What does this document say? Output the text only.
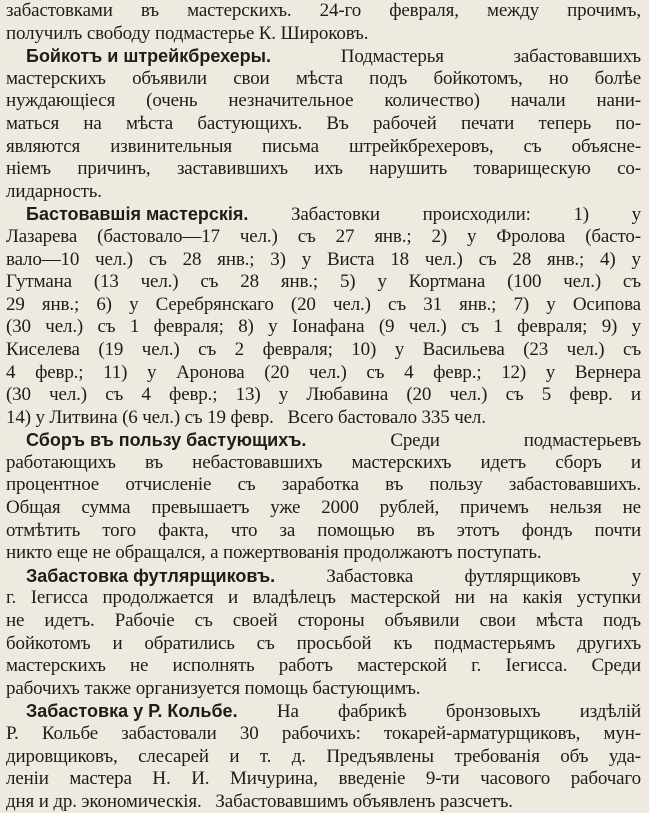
забастовками въ мастерскихъ. 24-го февраля, между прочимъ,
получилъ свободу подмастерье К. Широковъ.
Бойкотъ и штрейкбрехеры.	Подмастерья	забастовавшихъ
мастерскихъ объявили свои мѣста подъ бойкотомъ, но болѣе
нуждающiеся (очень незначительное количество) начали нани-
маться на мѣста бастующихъ. Въ рабочей печати теперь по-
являются извинительныя письма штрейкбрехеровъ, съ объясне-
нiемъ причинъ, заставившихъ ихъ нарушить товарищескую со-
лидарность.
Бастовавшiя мастерскiя. Забастовки происходили: 1) у
Лазарева (бастовало—17 чел.) съ 27 янв.; 2) у Фролова (басто-
вало—10 чел.) съ 28 янв.; 3) у Виста 18 чел.) съ 28 янв.; 4) у
Гутмана (13 чел.) съ 28 янв.; 5) у Кортмана (100 чел.) съ
29 янв.; 6) у Серебрянскаго (20 чел.) съ 31 янв.; 7) у Осипова
(30 чел.) съ 1 февраля; 8) у Iонафана (9 чел.) съ 1 февраля; 9) у
Киселева (19 чел.) съ 2 февраля; 10) у Васильева (23 чел.) съ
4 февр.; 11) у Аронова (20 чел.) съ 4 февр.; 12) у Вернера
(30 чел.) съ 4 февр.; 13) у Любавина (20 чел.) съ 5 февр. и
14) у Литвина (6 чел.) съ 19 февр.   Всего бастовало 335 чел.
Сборъ въ пользу бастующихъ.	Среди	подмастерьевъ
работающихъ въ небастовавшихъ мастерскихъ идетъ сборъ и
процентное отчисленiе съ заработка въ пользу забастовавшихъ.
Общая сумма превышаетъ уже 2000 рублей, причемъ нельзя не
отмѣтить того факта, что за помощью въ этотъ фондъ почти
никто еще не обращался, а пожертвованiя продолжаютъ поступать.
Забастовка футлярщиковъ.	Забастовка	футлярщиковъ	у
г. Iегисса продолжается и владѣлецъ мастерской ни на какiя уступки
не идетъ. Рабочiе съ своей стороны объявили свои мѣста подъ
бойкотомъ и обратились съ просьбой къ подмастерьямъ другихъ
мастерскихъ не исполнять работъ мастерской г. Iегисса. Среди
рабочихъ также организуется помощь бастующимъ.
Забастовка у Р. Кольбе. На фабрикѣ бронзовыхъ издѣлiй
Р. Кольбе забастовали 30 рабочихъ: токарей-арматурщиковъ, мун-
дировщиковъ, слесарей и т. д. Предъявлены требованiя объ уда-
ленiи мастера Н. И. Мичурина, введенiе 9-ти часового рабочаго
дня и др. экономическiя.   Забастовавшимъ объявленъ разсчетъ.
